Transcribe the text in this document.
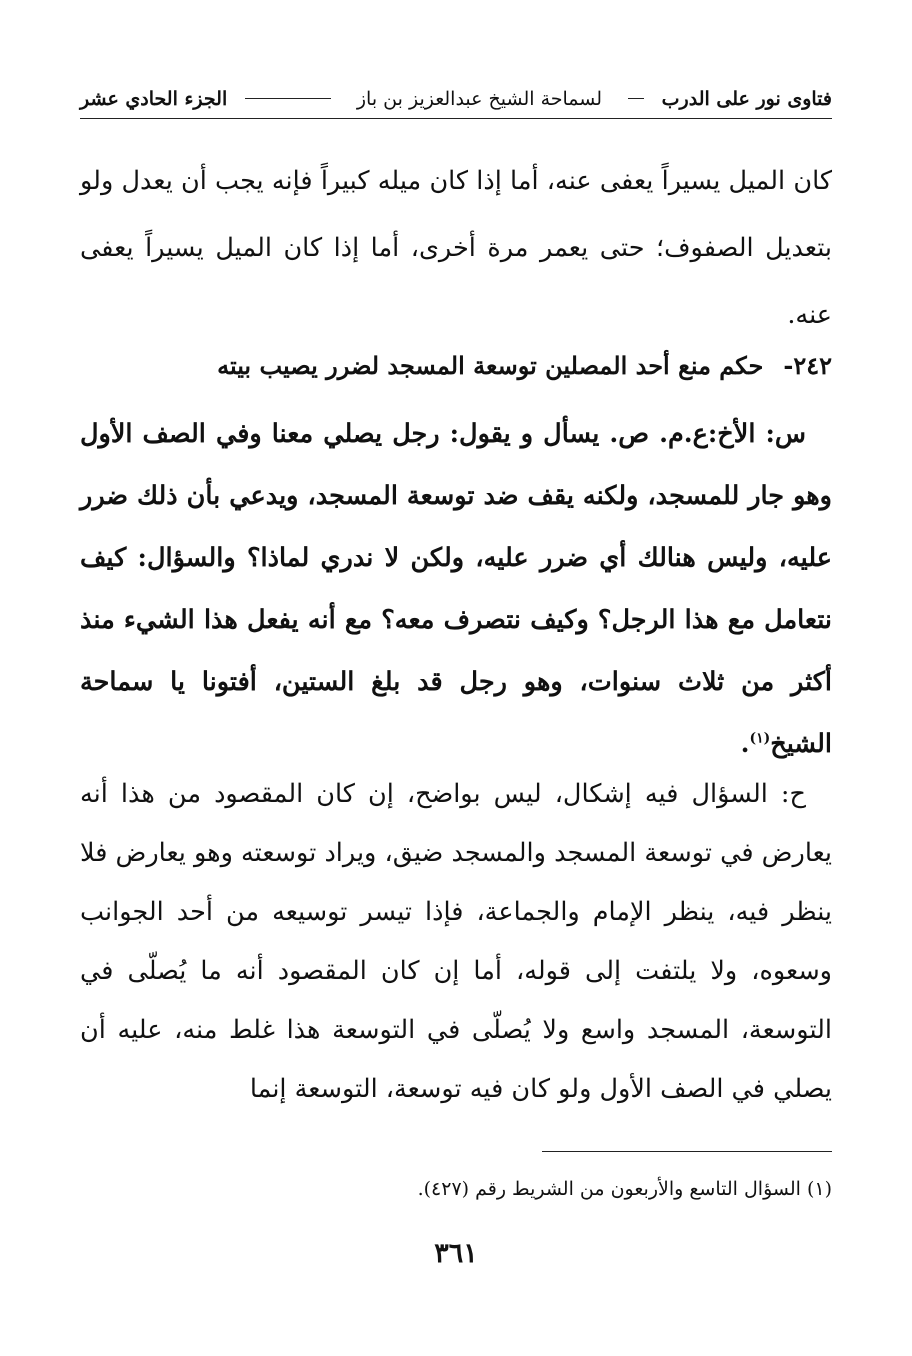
فتاوى نور على الدرب
لسماحة الشيخ عبدالعزيز بن باز
الجزء الحادي عشر

كان الميل يسيراً يعفى عنه، أما إذا كان ميله كبيراً فإنه يجب أن يعدل ولو بتعديل الصفوف؛ حتى يعمر مرة أخرى، أما إذا كان الميل يسيراً يعفى عنه.

٢٤٢-حكم منع أحد المصلين توسعة المسجد لضرر يصيب بيته

س: الأخ:ع.م. ص. يسأل و يقول: رجل يصلي معنا وفي الصف الأول وهو جار للمسجد، ولكنه يقف ضد توسعة المسجد، ويدعي بأن ذلك ضرر عليه، وليس هنالك أي ضرر عليه، ولكن لا ندري لماذا؟ والسؤال: كيف نتعامل مع هذا الرجل؟ وكيف نتصرف معه؟ مع أنه يفعل هذا الشيء منذ أكثر من ثلاث سنوات، وهو رجل قد بلغ الستين، أفتونا يا سماحة الشيخ$^{(١)}$.

ح: السؤال فيه إشكال، ليس بواضح، إن كان المقصود من هذا أنه يعارض في توسعة المسجد والمسجد ضيق، ويراد توسعته وهو يعارض فلا ينظر فيه، ينظر الإمام والجماعة، فإذا تيسر توسيعه من أحد الجوانب وسعوه، ولا يلتفت إلى قوله، أما إن كان المقصود أنه ما يُصلّى في التوسعة، المسجد واسع ولا يُصلّى في التوسعة هذا غلط منه، عليه أن يصلي في الصف الأول ولو كان فيه توسعة، التوسعة إنما

(١) السؤال التاسع والأربعون من الشريط رقم (٤٢٧).
٣٦١
